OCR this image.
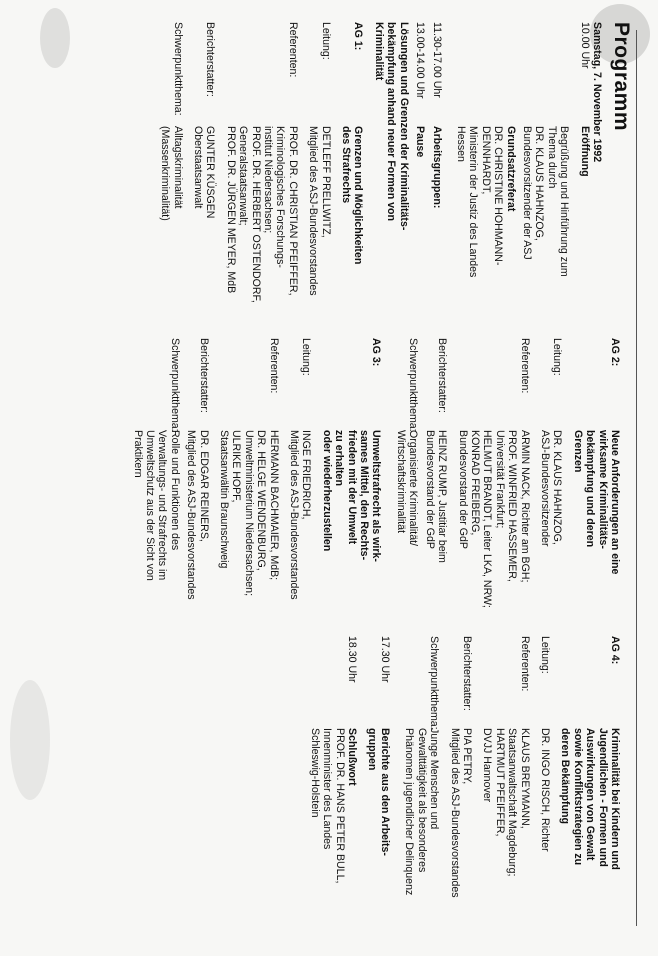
Programm
Samstag, 7. November 1992
10.00 Uhr
Eröffnung
Begrüßung und Hinführung zum
Thema durch
DR. KLAUS HAHNZOG,
Bundesvorsitzender der ASJ
Grundsatzreferat
DR. CHRISTINE HOHMANN-
DENNHARDT,
Ministerin der Justiz des Landes
Hessen
11.30-17.00 Uhr
Arbeitsgruppen:
13.00-14.00 Uhr
Pause
Lösungen und Grenzen der Kriminalitäts-
bekämpfung anhand neuer Formen von
Kriminalität
AG 1:
Grenzen und Möglichkeiten
des Strafrechts
Leitung:
DETLEFF PRELLWITZ,
Mitglied des ASJ-Bundesvorstandes
Referenten:
PROF. DR. CHRISTIAN PFEIFFER,
Kriminologisches Forschungs-
institut Niedersachsen;
PROF. DR. HERBERT OSTENDORF,
Generalstaatsanwalt;
PROF. DR. JÜRGEN MEYER, MdB
Berichterstatter:
GUNTER KÜSGEN
Oberstaatsanwalt
Schwerpunktthema:
Alltagskriminalität
(Massenkriminalität)
AG 2:
Neue Anforderungen an eine
wirksame Kriminalitäts-
bekämpfung und deren
Grenzen
Leitung:
DR. KLAUS HAHNZOG,
ASJ-Bundesvorsitzender
Referenten:
ARMIN NACK, Richter am BGH;
PROF. WINFRIED HASSEMER,
Universität Frankfurt;
HELMUT BRANDT, Leiter LKA, NRW;
KONRAD FREIBERG,
Bundesvorstand der GdP
Berichterstatter:
HEINZ RUMP, Justitiar beim
Bundesvorstand der GdP
Schwerpunktthema:
Organisierte Kriminalität/
Wirtschaftskriminalität
AG 3:
Umweltstrafrecht als wirk-
sames Mittel, den Rechts-
frieden mit der Umwelt
zu erhalten
oder wiederherzustellen
Leitung:
INGE FRIEDRICH,
Mitglied des ASJ-Bundesvorstandes
Referenten:
HERMANN BACHMAIER, MdB;
DR. HELGE WENDENBURG,
Umweltministerium Niedersachsen;
ULRIKE HOPF,
Staatsanwältin Braunschweig
Berichterstatter:
DR. EDGAR REINERS,
Mitglied des ASJ-Bundesvorstandes
Schwerpunktthema:
Rolle und Funktionen des
Verwaltungs- und Strafrechts im
Umweltschutz aus der Sicht von
Praktikern
AG 4:
Kriminalität bei Kindern und
Jugendlichen - Formen und
Auswirkungen von Gewalt
sowie Konfliktstrategien zu
deren Bekämpfung
Leitung:
DR. INGO RISCH, Richter
Referenten:
KLAUS BREYMANN,
Staatsanwaltschaft Magdeburg;
HARTMUT PFEIFFER,
DVJJ Hannover
Berichterstatter:
PIA PETRY,
Mitglied des ASJ-Bundesvorstandes
Schwerpunktthema:
Junge Menschen und
Gewalttätigkeit als besonderes
Phänomen jugendlicher Delinquenz
17.30 Uhr
Berichte aus den Arbeits-
gruppen
18.30 Uhr
Schlußwort
PROF. DR. HANS PETER BULL,
Innenminister des Landes
Schleswig-Holstein
